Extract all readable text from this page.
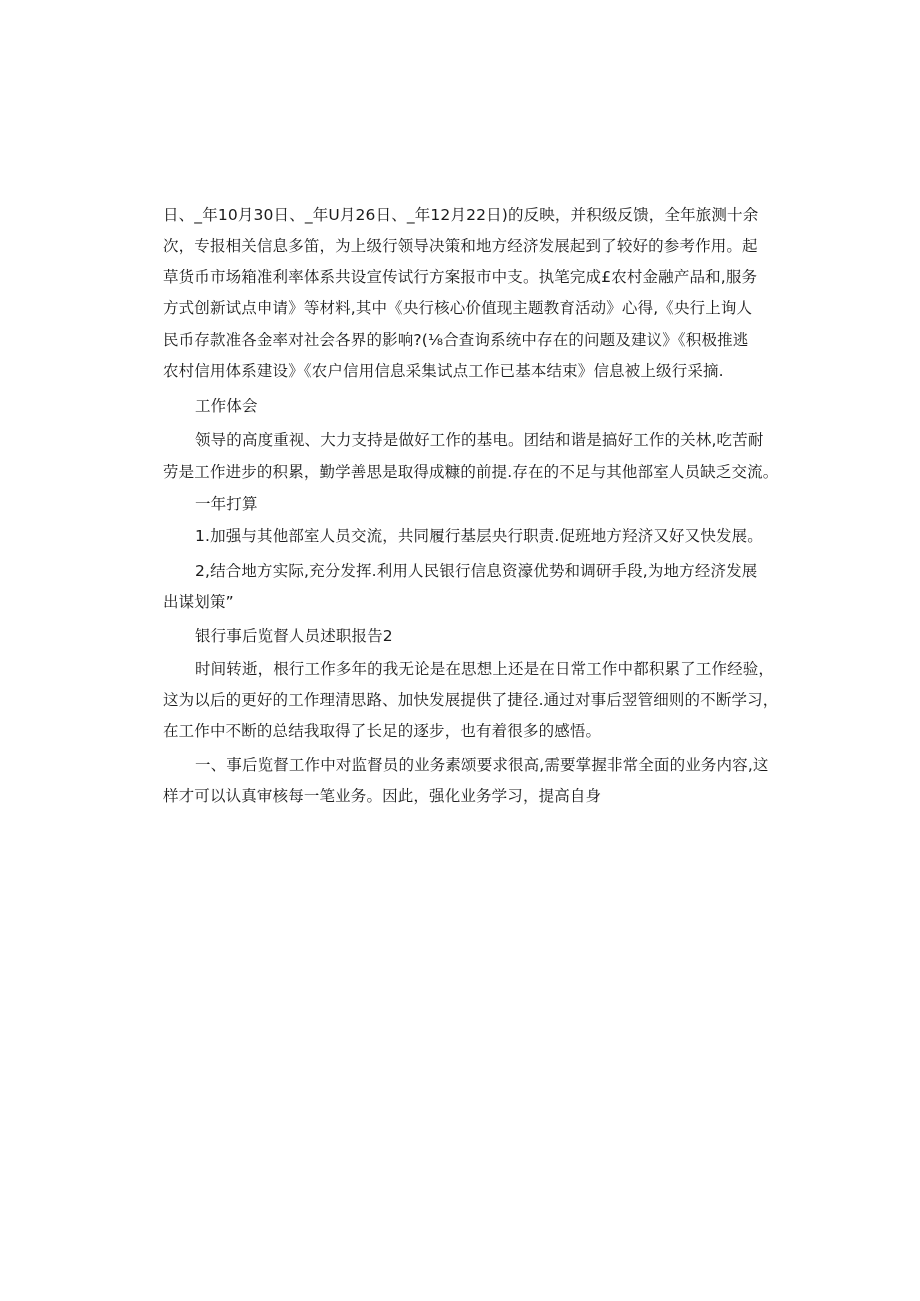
日、_年10月30日、_年U月26日、_年12月22日)的反映，并积级反馈，全年旅测十余
次，专报相关信息多笛，为上级行领导决策和地方经济发展起到了较好的参考作用。起
草货币市场箱准利率体系共设宣传试行方案报市中支。执笔完成£农村金融产品和,服务
方式创新试点申请》等材料,其中《央行核心价值现主题教育活动》心得,《央行上询人
民币存款准各金率对社会各界的影响?(⅛合查询系统中存在的问题及建议》《积极推逃
农村信用体系建设》《农户信用信息采集试点工作已基本结束》信息被上级行采摘.
工作体会
领导的高度重视、大力支持是做好工作的基电。团结和谐是搞好工作的关林,吃苦耐
劳是工作进步的积累，勤学善思是取得成糠的前提.存在的不足与其他部室人员缺乏交流。
一年打算
1.加强与其他部室人员交流，共同履行基层央行职责.促班地方羟济又好又快发展。
2,结合地方实际,充分发挥.利用人民银行信息资濠优势和调研手段,为地方经济发展
出谋划策”
银行事后览督人员述职报告2
时间转逝，根行工作多年的我无论是在思想上还是在日常工作中都积累了工作经验，
这为以后的更好的工作理清思路、加快发展提供了捷径.通过对事后翌管细则的不断学习，
在工作中不断的总结我取得了长足的逐步，也有着很多的感悟。
一、事后览督工作中对监督员的业务素颂要求很高,需要掌握非常全面的业务内容,这
样才可以认真审核每一笔业务。因此，强化业务学习，提高自身
